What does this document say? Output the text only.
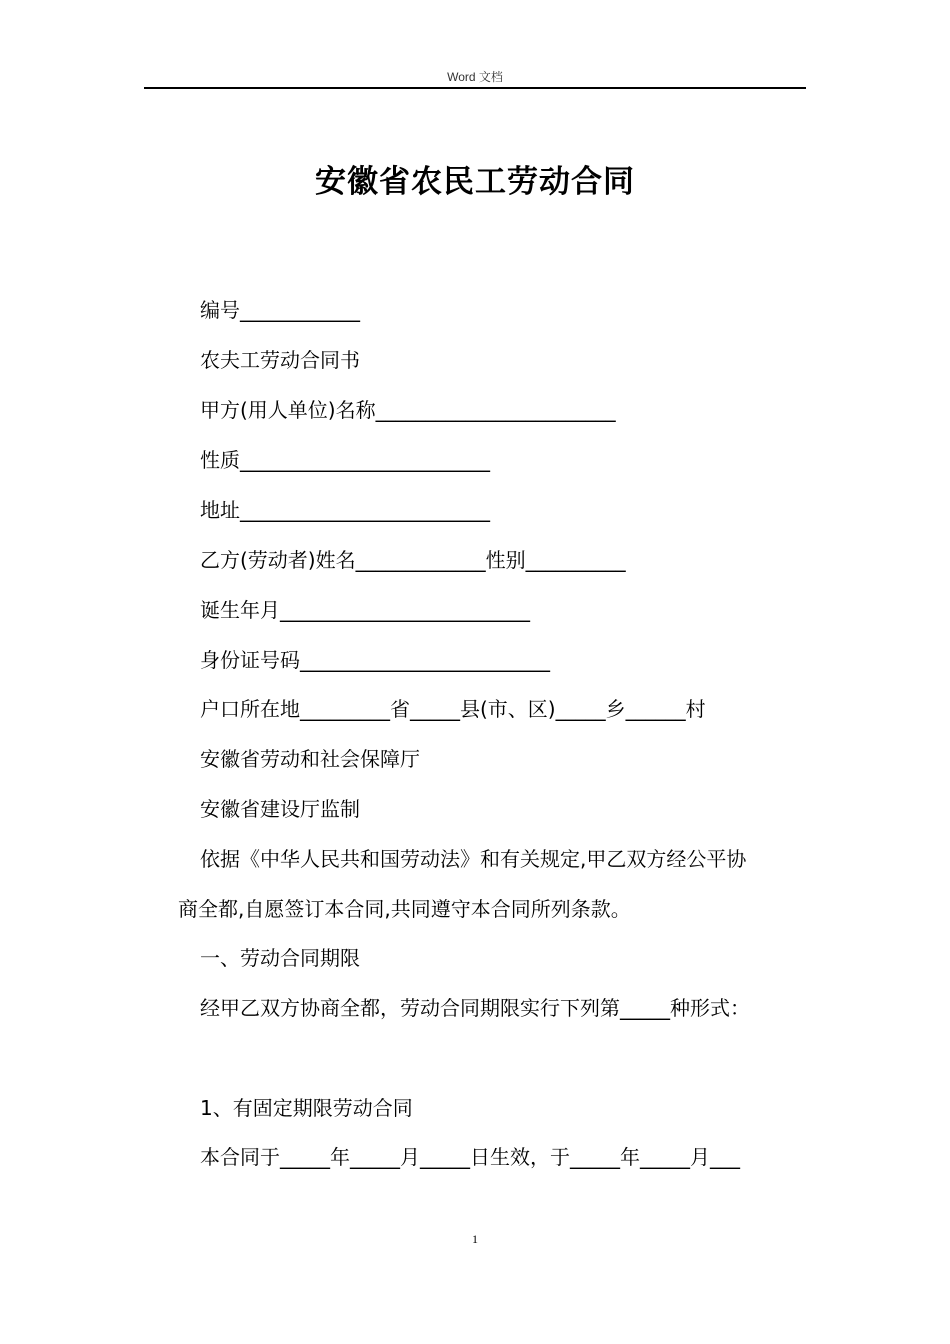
Word 文档
安徽省农民工劳动合同
编号____________
农夫工劳动合同书
甲方(用人单位)名称________________________
性质_________________________
地址_________________________
乙方(劳动者)姓名_____________性别__________
诞生年月_________________________
身份证号码_________________________
户口所在地_________省_____县(市、区)_____乡______村
安徽省劳动和社会保障厅
安徽省建设厅监制
依据《中华人民共和国劳动法》和有关规定,甲乙双方经公平协
商全都,自愿签订本合同,共同遵守本合同所列条款。
一、劳动合同期限
经甲乙双方协商全都，劳动合同期限实行下列第_____种形式：
1、有固定期限劳动合同
本合同于_____年_____月_____日生效，于_____年_____月___
1
